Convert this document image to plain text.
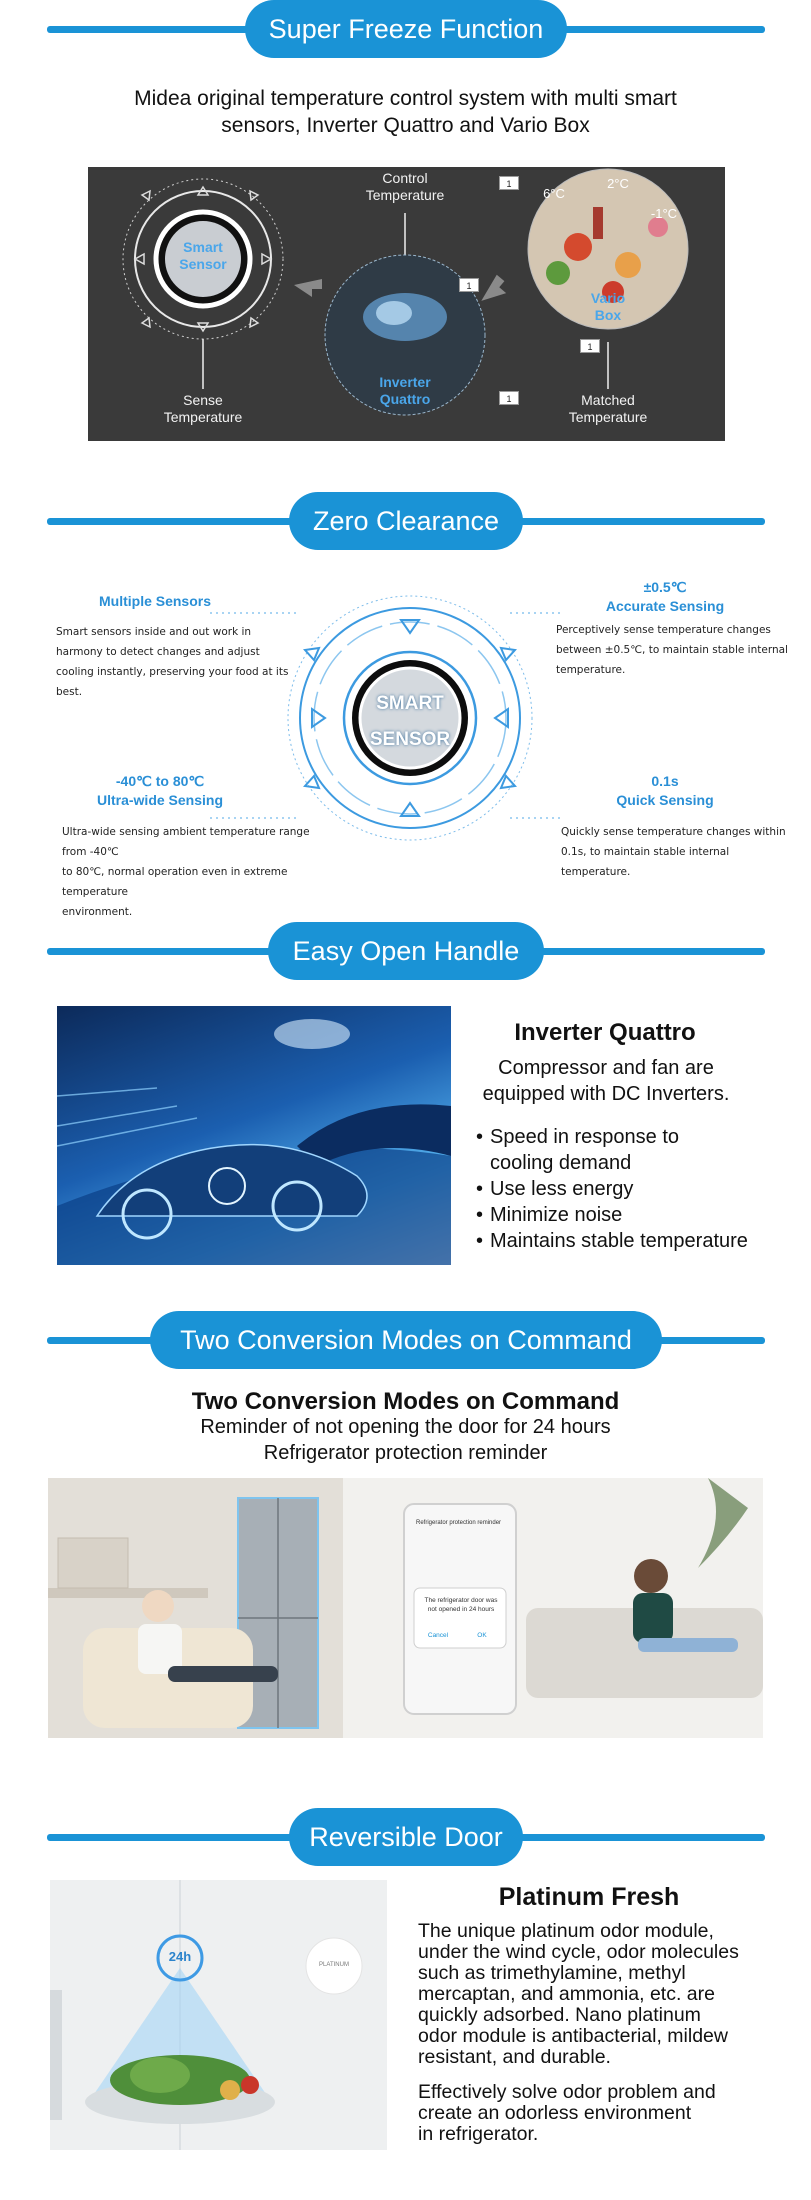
Super Freeze Function
Midea original temperature control system with multi smart
sensors, Inverter Quattro and Vario Box
Smart
Sensor
Sense
Temperature
Control
Temperature
Inverter
Quattro
Vario
Box
Matched
Temperature
6°C
2°C
-1°C
1
1
1
1
Zero Clearance
SMART
SENSOR
Multiple Sensors
Smart sensors inside and out work in
harmony to detect changes and adjust
cooling instantly, preserving your food at its
best.
±0.5℃
Accurate Sensing
Perceptively sense temperature changes
between ±0.5℃, to maintain stable internal
temperature.
-40℃ to 80℃
Ultra-wide Sensing
Ultra-wide sensing ambient temperature range from -40℃
to 80℃, normal operation even in extreme temperature
environment.
0.1s
Quick Sensing
Quickly sense temperature changes within
0.1s, to maintain stable internal
temperature.
Easy Open Handle
Inverter Quattro
Compressor and fan are
equipped with DC Inverters.
• Speed in response to cooling demand
• Use less energy
• Minimize noise
• Maintains stable temperature
Two Conversion Modes on Command
Two Conversion Modes on Command
Reminder of not opening the door for 24 hours
Refrigerator protection reminder
Refrigerator protection reminder
The refrigerator door was
not opened in 24 hours
Cancel	OK
Reversible Door
24h
PLATINUM
Platinum Fresh
The unique platinum odor module,
under the wind cycle, odor molecules
such as trimethylamine, methyl
mercaptan, and ammonia, etc. are
quickly adsorbed. Nano platinum
odor module is antibacterial, mildew
resistant, and durable.
Effectively solve odor problem and
create an odorless environment
in refrigerator.
